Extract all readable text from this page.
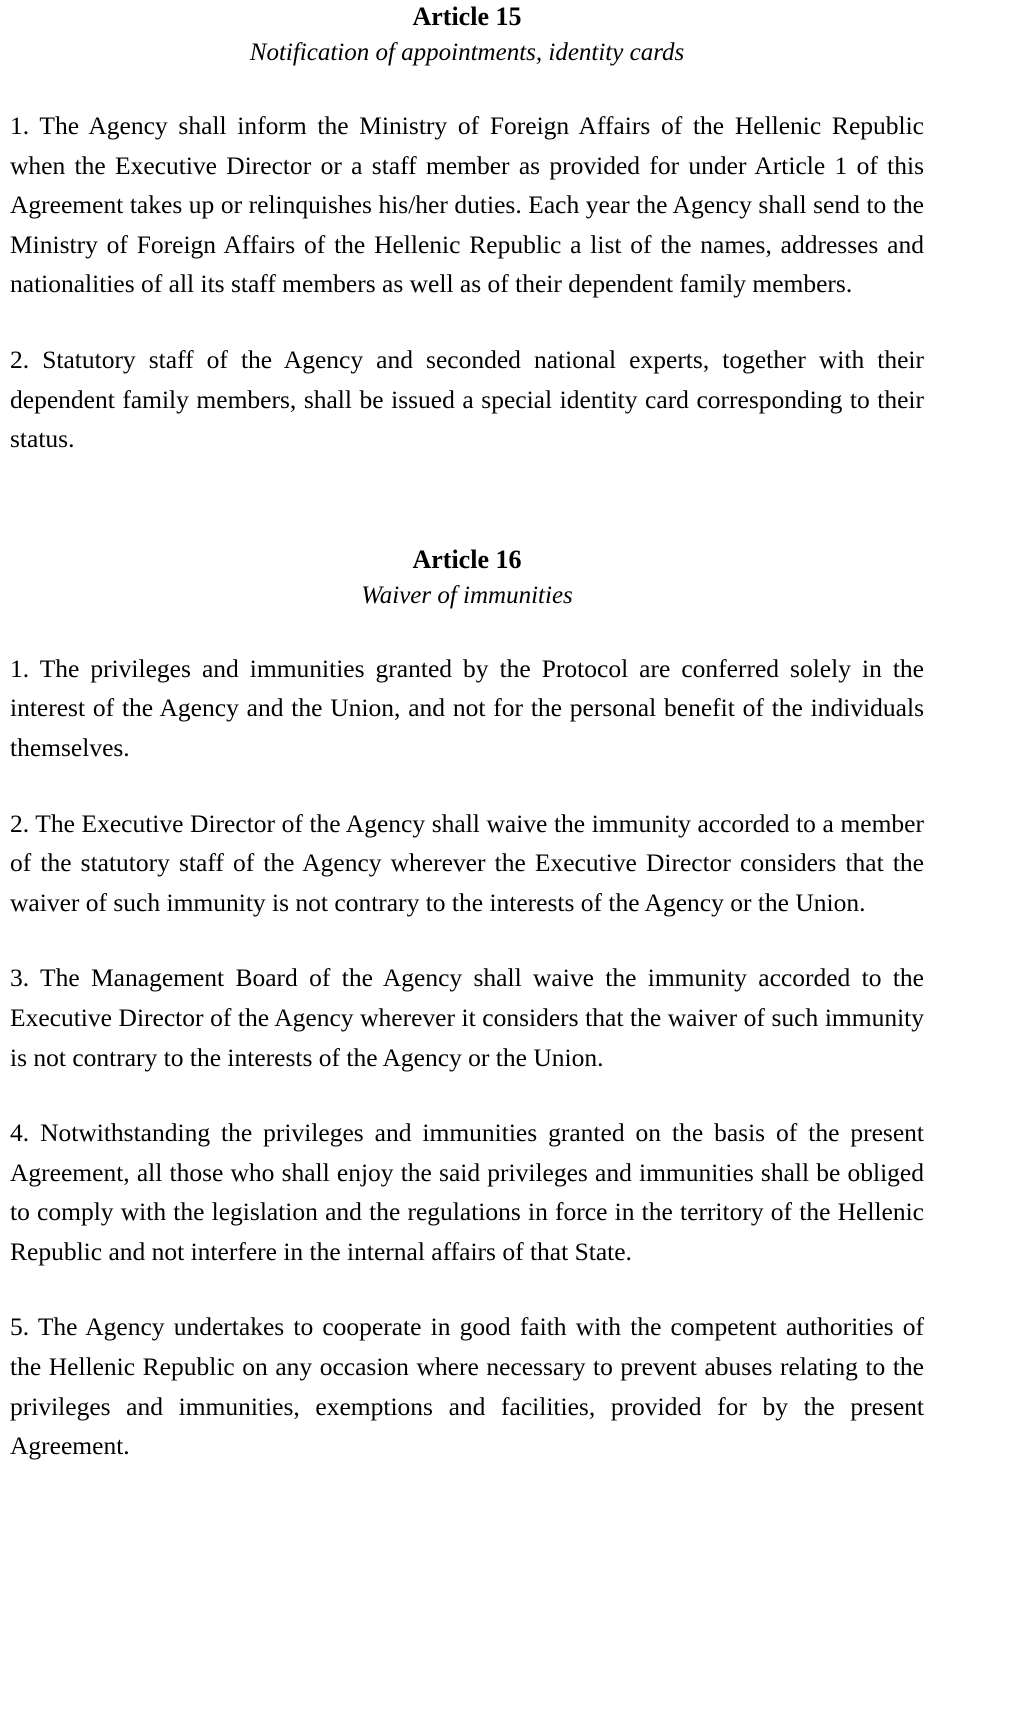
Article 15
Notification of appointments, identity cards

1. The Agency shall inform the Ministry of Foreign Affairs of the Hellenic Republic when the Executive Director or a staff member as provided for under Article 1 of this Agreement takes up or relinquishes his/her duties. Each year the Agency shall send to the Ministry of Foreign Affairs of the Hellenic Republic a list of the names, addresses and nationalities of all its staff members as well as of their dependent family members.

2. Statutory staff of the Agency and seconded national experts, together with their dependent family members, shall be issued a special identity card corresponding to their status.

Article 16
Waiver of immunities

1. The privileges and immunities granted by the Protocol are conferred solely in the interest of the Agency and the Union, and not for the personal benefit of the individuals themselves.

2. The Executive Director of the Agency shall waive the immunity accorded to a member of the statutory staff of the Agency wherever the Executive Director considers that the waiver of such immunity is not contrary to the interests of the Agency or the Union.

3. The Management Board of the Agency shall waive the immunity accorded to the Executive Director of the Agency wherever it considers that the waiver of such immunity is not contrary to the interests of the Agency or the Union.

4. Notwithstanding the privileges and immunities granted on the basis of the present Agreement, all those who shall enjoy the said privileges and immunities shall be obliged to comply with the legislation and the regulations in force in the territory of the Hellenic Republic and not interfere in the internal affairs of that State.

5. The Agency undertakes to cooperate in good faith with the competent authorities of the Hellenic Republic on any occasion where necessary to prevent abuses relating to the privileges and immunities, exemptions and facilities, provided for by the present Agreement.
